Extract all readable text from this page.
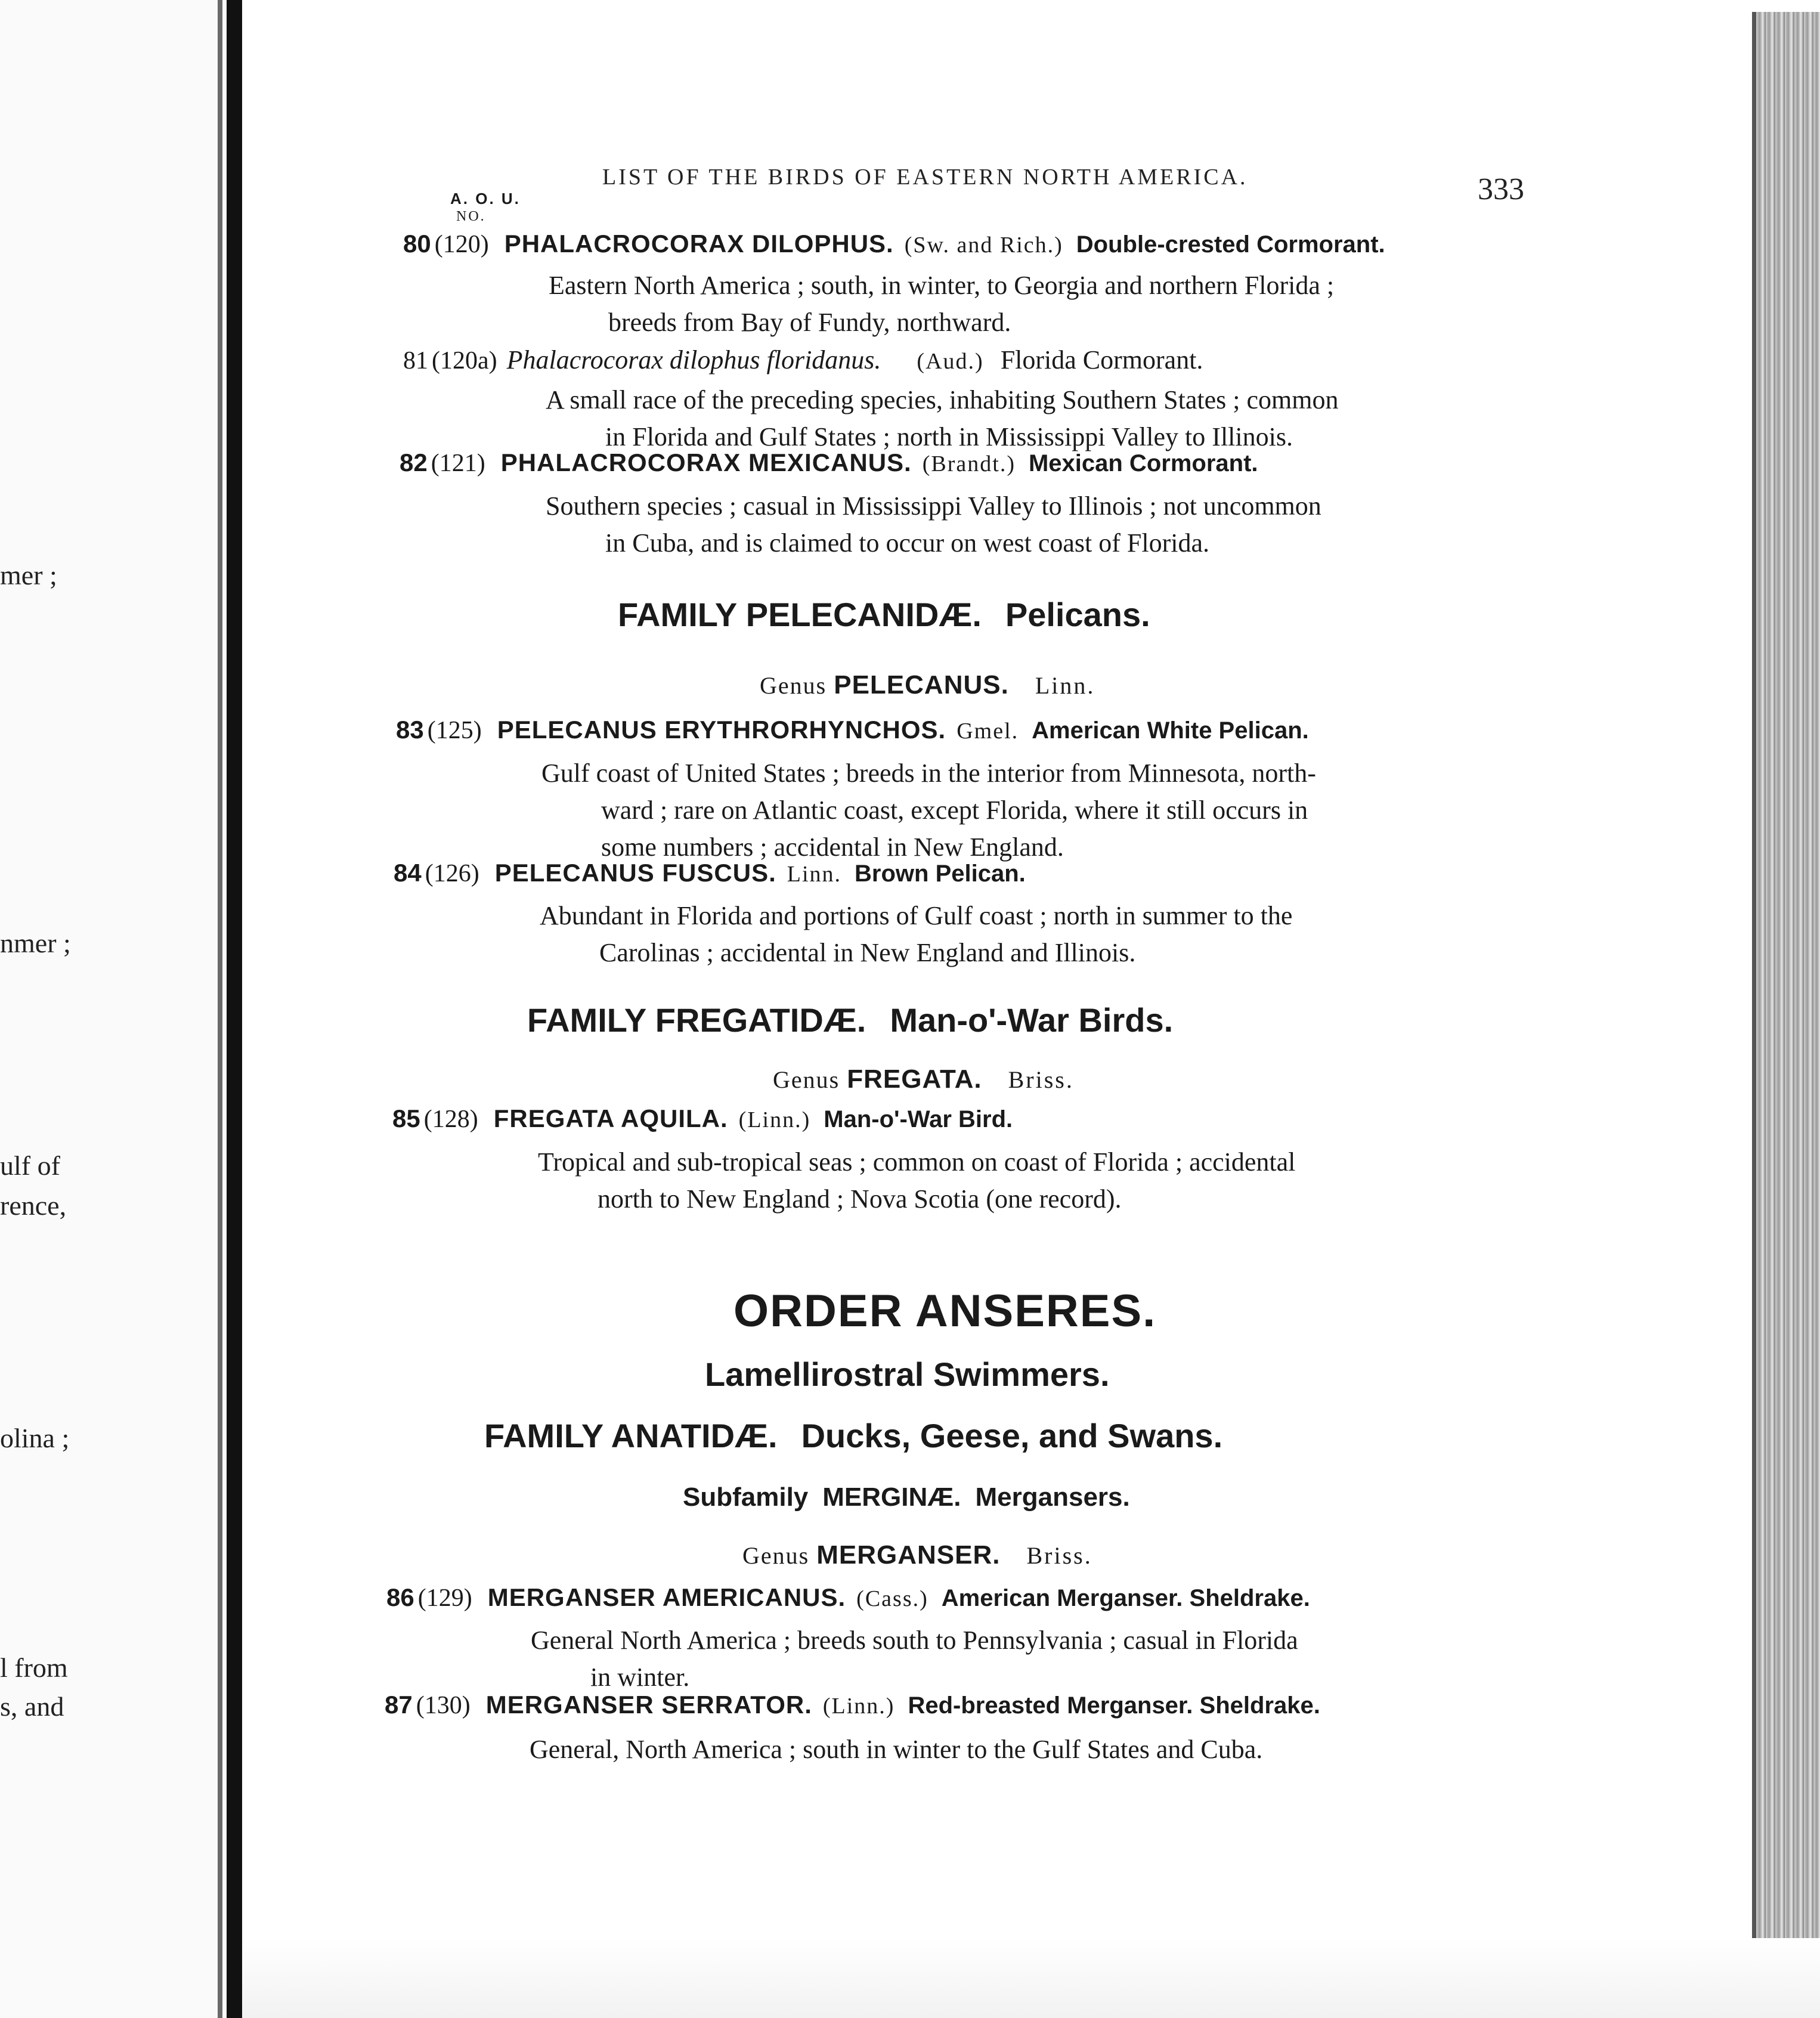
mer ;
nmer ;
ulf of
rence,
olina ;
l from
s, and
LIST OF THE BIRDS OF EASTERN NORTH AMERICA.	333
A. O. U.
NO.
80 (120) PHALACROCORAX DILOPHUS. (Sw. and Rich.) Double-crested Cormorant.
Eastern North America ; south, in winter, to Georgia and northern Florida ;
breeds from Bay of Fundy, northward.
81 (120a) Phalacrocorax dilophus floridanus. (Aud.) Florida Cormorant.
A small race of the preceding species, inhabiting Southern States ; common
in Florida and Gulf States ; north in Mississippi Valley to Illinois.
82 (121) PHALACROCORAX MEXICANUS. (Brandt.) Mexican Cormorant.
Southern species ; casual in Mississippi Valley to Illinois ; not uncommon
in Cuba, and is claimed to occur on west coast of Florida.
FAMILY PELECANIDÆ. Pelicans.
Genus PELECANUS. Linn.
83 (125) PELECANUS ERYTHRORHYNCHOS. Gmel. American White Pelican.
Gulf coast of United States ; breeds in the interior from Minnesota, north-
ward ; rare on Atlantic coast, except Florida, where it still occurs in
some numbers ; accidental in New England.
84 (126) PELECANUS FUSCUS. Linn. Brown Pelican.
Abundant in Florida and portions of Gulf coast ; north in summer to the
Carolinas ; accidental in New England and Illinois.
FAMILY FREGATIDÆ. Man-o'-War Birds.
Genus FREGATA. Briss.
85 (128) FREGATA AQUILA. (Linn.) Man-o'-War Bird.
Tropical and sub-tropical seas ; common on coast of Florida ; accidental
north to New England ; Nova Scotia (one record).
ORDER ANSERES.
Lamellirostral Swimmers.
FAMILY ANATIDÆ. Ducks, Geese, and Swans.
Subfamily MERGINÆ. Mergansers.
Genus MERGANSER. Briss.
86 (129) MERGANSER AMERICANUS. (Cass.) American Merganser. Sheldrake.
General North America ; breeds south to Pennsylvania ; casual in Florida
in winter.
87 (130) MERGANSER SERRATOR. (Linn.) Red-breasted Merganser. Sheldrake.
General, North America ; south in winter to the Gulf States and Cuba.
